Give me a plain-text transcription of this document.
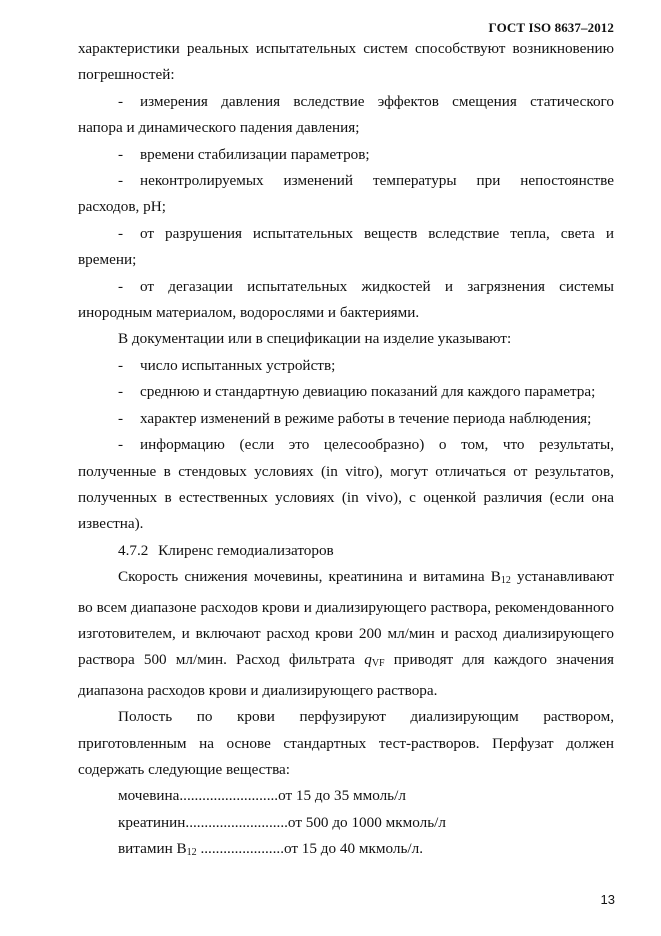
ГОСТ ISO 8637–2012

характеристики реальных испытательных систем способствуют возникновению погрешностей:

- измерения давления вследствие эффектов смещения статического напора и динамического падения давления;

- времени стабилизации параметров;

- неконтролируемых изменений температуры при непостоянстве расходов, pH;

- от разрушения испытательных веществ вследствие тепла, света и времени;

- от дегазации испытательных жидкостей и загрязнения системы инородным материалом, водорослями и бактериями.

В документации или в спецификации на изделие указывают:

- число испытанных устройств;

- среднюю и стандартную девиацию показаний для каждого параметра;

- характер изменений в режиме работы в течение периода наблюдения;

- информацию (если это целесообразно) о том, что результаты, полученные в стендовых условиях (in vitro), могут отличаться от результатов, полученных в естественных условиях (in vivo), с оценкой различия (если она известна).

4.7.2 Клиренс гемодиализаторов

Скорость снижения мочевины, креатинина и витамина $B_{12}$ устанавливают во всем диапазоне расходов крови и диализирующего раствора, рекомендованного изготовителем, и включают расход крови 200 мл/мин и расход диализирующего раствора 500 мл/мин. Расход фильтрата $q_{VF}$ приводят для каждого значения диапазона расходов крови и диализирующего раствора.

Полость по крови перфузируют диализирующим раствором, приготовленным на основе стандартных тест-растворов. Перфузат должен содержать следующие вещества:

мочевина..........................от 15 до 35 ммоль/л

креатинин...........................от 500 до 1000 мкмоль/л

витамин $B_{12}$ ......................от 15 до 40 мкмоль/л.

13
